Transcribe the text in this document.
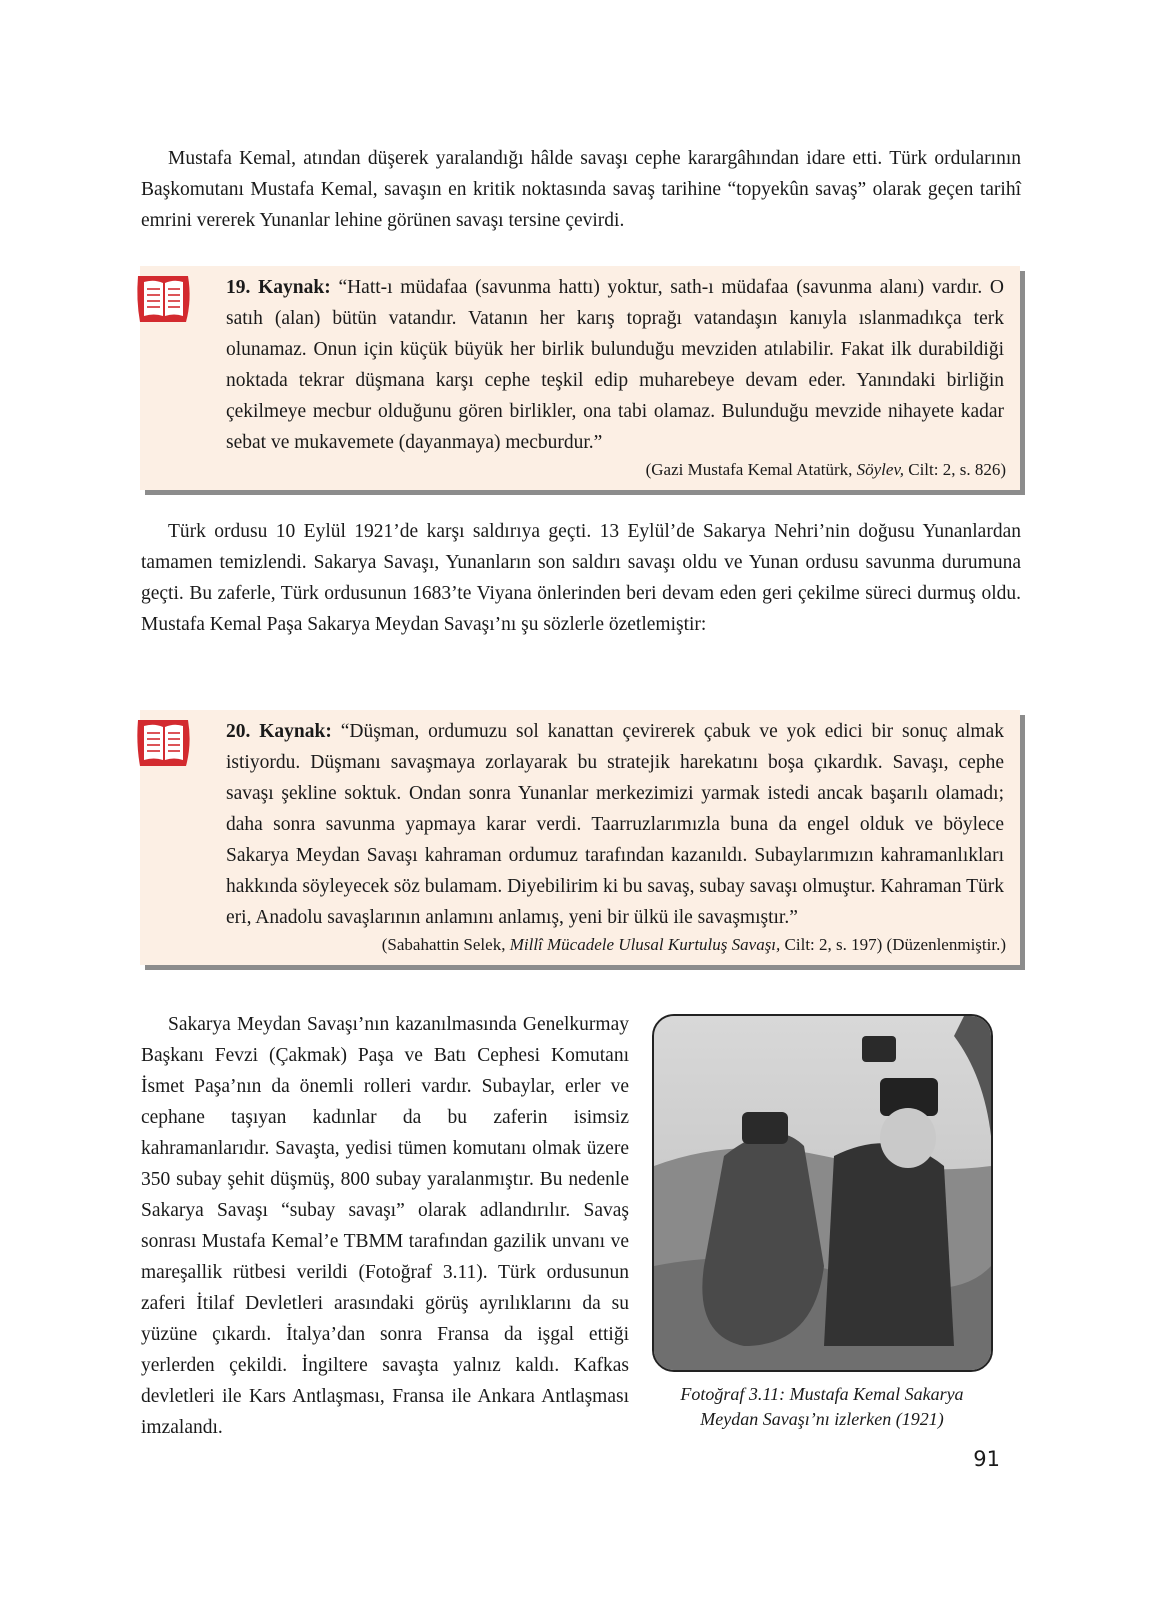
Mustafa Kemal, atından düşerek yaralandığı hâlde savaşı cephe karargâhından idare etti. Türk ordularının Başkomutanı Mustafa Kemal, savaşın en kritik noktasında savaş tarihine “topyekûn savaş” olarak geçen tarihî emrini vererek Yunanlar lehine görünen savaşı tersine çevirdi.

19. Kaynak: “Hatt-ı müdafaa (savunma hattı) yoktur, sath-ı müdafaa (savunma alanı) vardır. O satıh (alan) bütün vatandır. Vatanın her karış toprağı vatandaşın kanıyla ıslanmadıkça terk olunamaz. Onun için küçük büyük her birlik bulunduğu mevziden atılabilir. Fakat ilk durabildiği noktada tekrar düşmana karşı cephe teşkil edip muharebeye devam eder. Yanındaki birliğin çekilmeye mecbur olduğunu gören birlikler, ona tabi olamaz. Bulunduğu mevzide nihayete kadar sebat ve mukavemete (dayanmaya) mecburdur.”
(Gazi Mustafa Kemal Atatürk, Söylev, Cilt: 2, s. 826)

Türk ordusu 10 Eylül 1921’de karşı saldırıya geçti. 13 Eylül’de Sakarya Nehri’nin doğusu Yunanlardan tamamen temizlendi. Sakarya Savaşı, Yunanların son saldırı savaşı oldu ve Yunan ordusu savunma durumuna geçti. Bu zaferle, Türk ordusunun 1683’te Viyana önlerinden beri devam eden geri çekilme süreci durmuş oldu. Mustafa Kemal Paşa Sakarya Meydan Savaşı’nı şu sözlerle özetlemiştir:

20. Kaynak: “Düşman, ordumuzu sol kanattan çevirerek çabuk ve yok edici bir sonuç almak istiyordu. Düşmanı savaşmaya zorlayarak bu stratejik harekatını boşa çıkardık. Savaşı, cephe savaşı şekline soktuk. Ondan sonra Yunanlar merkezimizi yarmak istedi ancak başarılı olamadı; daha sonra savunma yapmaya karar verdi. Taarruzlarımızla buna da engel olduk ve böylece Sakarya Meydan Savaşı kahraman ordumuz tarafından kazanıldı. Subaylarımızın kahramanlıkları hakkında söyleyecek söz bulamam. Diyebilirim ki bu savaş, subay savaşı olmuştur. Kahraman Türk eri, Anadolu savaşlarının anlamını anlamış, yeni bir ülkü ile savaşmıştır.”
(Sabahattin Selek, Millî Mücadele Ulusal Kurtuluş Savaşı, Cilt: 2, s. 197) (Düzenlenmiştir.)

Sakarya Meydan Savaşı’nın kazanılmasında Genelkurmay Başkanı Fevzi (Çakmak) Paşa ve Batı Cephesi Komutanı İsmet Paşa’nın da önemli rolleri vardır. Subaylar, erler ve cephane taşıyan kadınlar da bu zaferin isimsiz kahramanlarıdır. Savaşta, yedisi tümen komutanı olmak üzere 350 subay şehit düşmüş, 800 subay yaralanmıştır. Bu nedenle Sakarya Savaşı “subay savaşı” olarak adlandırılır. Savaş sonrası Mustafa Kemal’e TBMM tarafından gazilik unvanı ve mareşallik rütbesi verildi (Fotoğraf 3.11). Türk ordusunun zaferi İtilaf Devletleri arasındaki görüş ayrılıklarını da su yüzüne çıkardı. İtalya’dan sonra Fransa da işgal ettiği yerlerden çekildi. İngiltere savaşta yalnız kaldı. Kafkas devletleri ile Kars Antlaşması, Fransa ile Ankara Antlaşması imzalandı.

Fotoğraf 3.11: Mustafa Kemal Sakarya
Meydan Savaşı’nı izlerken (1921)
91
